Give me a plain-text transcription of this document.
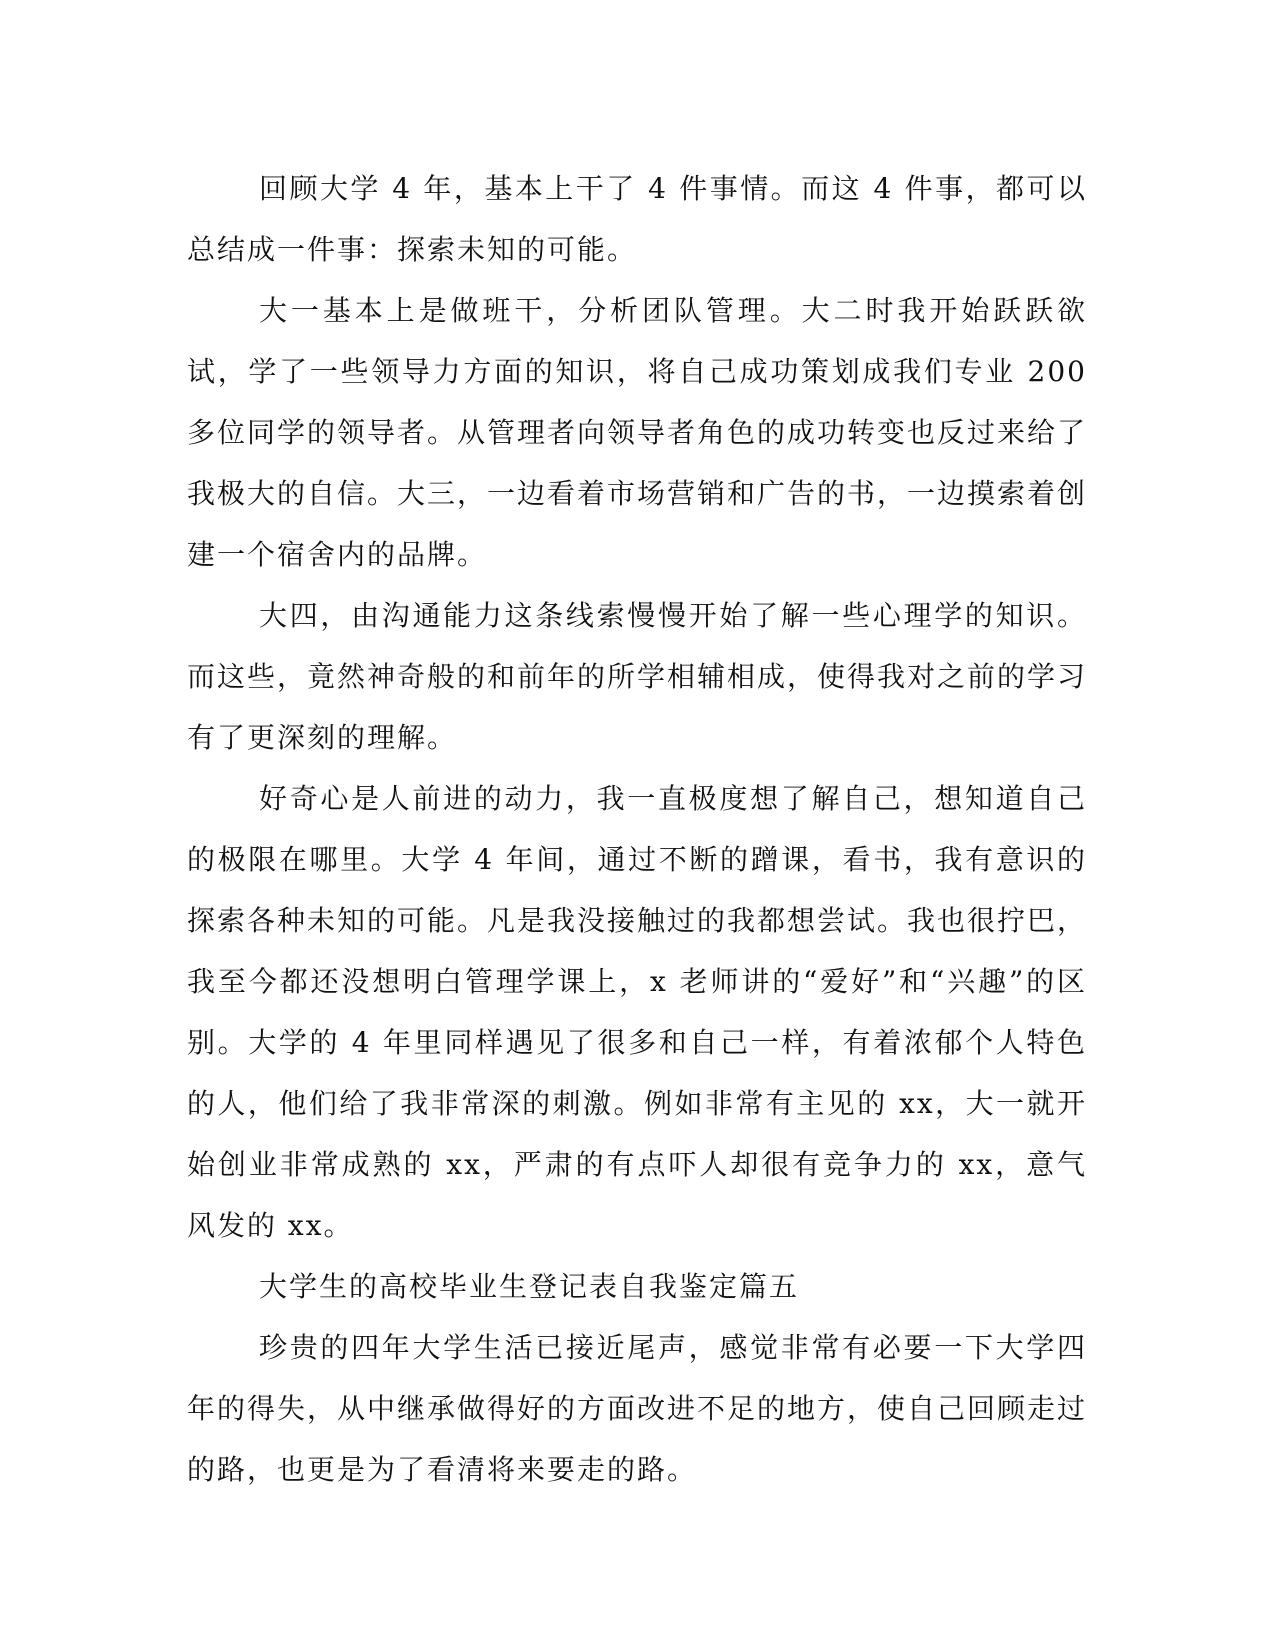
回顾大学 4 年，基本上干了 4 件事情。而这 4 件事，都可以总结成一件事：探索未知的可能。

大一基本上是做班干，分析团队管理。大二时我开始跃跃欲试，学了一些领导力方面的知识，将自己成功策划成我们专业 200 多位同学的领导者。从管理者向领导者角色的成功转变也反过来给了我极大的自信。大三，一边看着市场营销和广告的书，一边摸索着创建一个宿舍内的品牌。

大四，由沟通能力这条线索慢慢开始了解一些心理学的知识。而这些，竟然神奇般的和前年的所学相辅相成，使得我对之前的学习有了更深刻的理解。

好奇心是人前进的动力，我一直极度想了解自己，想知道自己的极限在哪里。大学 4 年间，通过不断的蹭课，看书，我有意识的探索各种未知的可能。凡是我没接触过的我都想尝试。我也很拧巴，我至今都还没想明白管理学课上，x 老师讲的“爱好”和“兴趣”的区别。大学的 4 年里同样遇见了很多和自己一样，有着浓郁个人特色的人，他们给了我非常深的刺激。例如非常有主见的 xx，大一就开始创业非常成熟的 xx，严肃的有点吓人却很有竞争力的 xx，意气风发的 xx。

大学生的高校毕业生登记表自我鉴定篇五

珍贵的四年大学生活已接近尾声，感觉非常有必要一下大学四年的得失，从中继承做得好的方面改进不足的地方，使自己回顾走过的路，也更是为了看清将来要走的路。
